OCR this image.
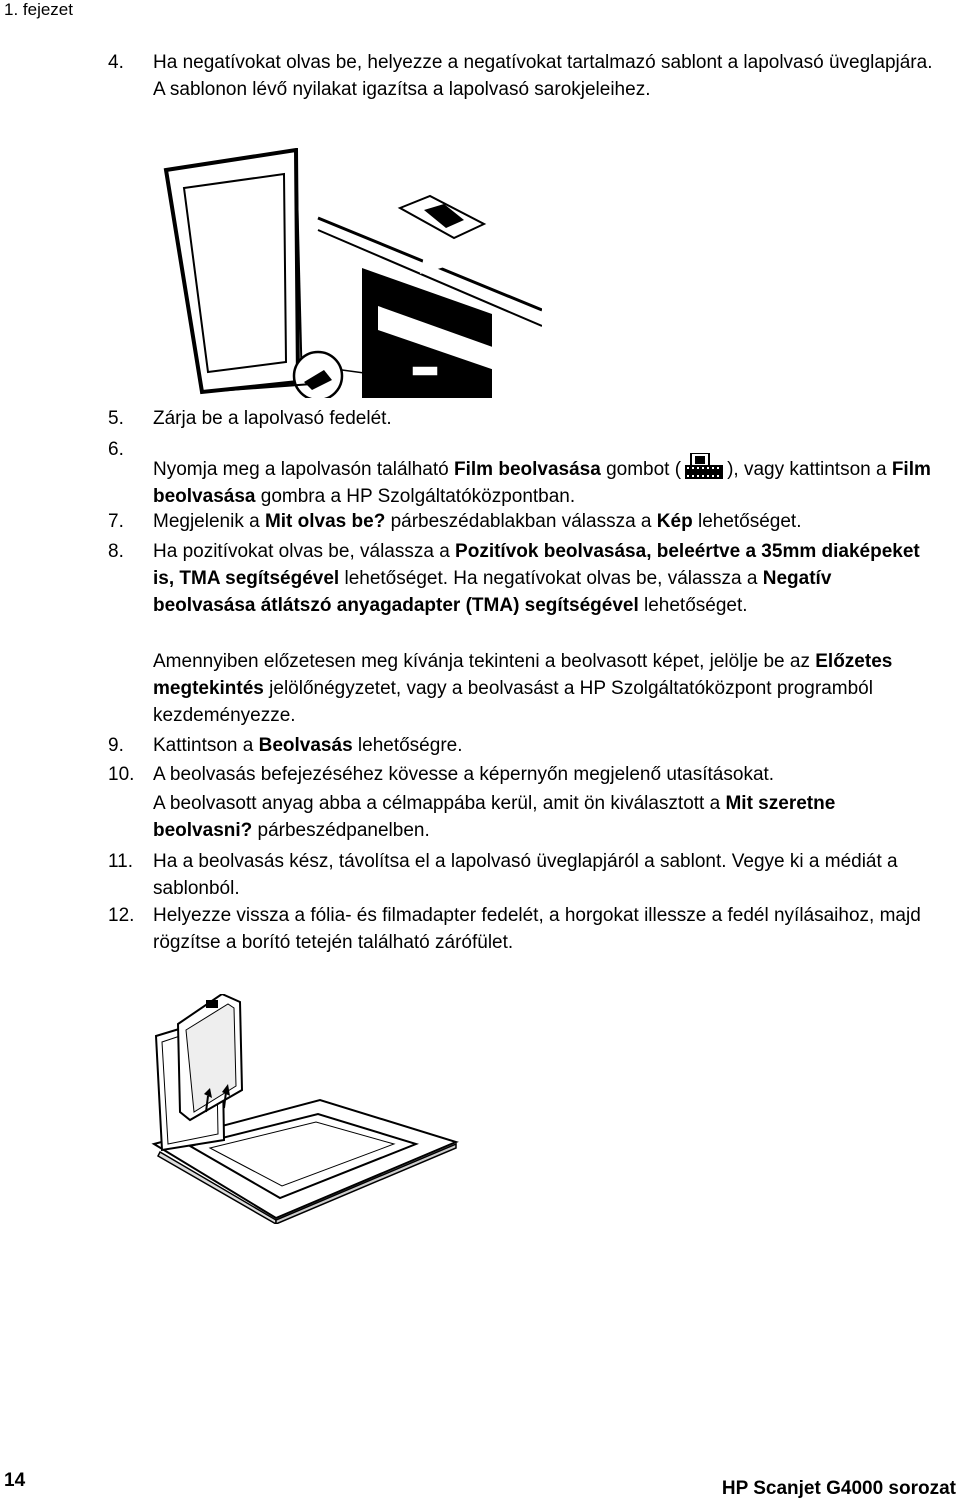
1. fejezet
4. Ha negatívokat olvas be, helyezze a negatívokat tartalmazó sablont a lapolvasó üveglapjára. A sablonon lévő nyilakat igazítsa a lapolvasó sarokjeleihez.
5. Zárja be a lapolvasó fedelét.
6.
Nyomja meg a lapolvasón található Film beolvasása gombot ( ), vagy kattintson a Film beolvasása gombra a HP Szolgáltatóközpontban.
7. Megjelenik a Mit olvas be? párbeszédablakban válassza a Kép lehetőséget.
8. Ha pozitívokat olvas be, válassza a Pozitívok beolvasása, beleértve a 35mm diaképeket is, TMA segítségével lehetőséget. Ha negatívokat olvas be, válassza a Negatív beolvasása átlátszó anyagadapter (TMA) segítségével lehetőséget.
Amennyiben előzetesen meg kívánja tekinteni a beolvasott képet, jelölje be az Előzetes megtekintés jelölőnégyzetet, vagy a beolvasást a HP Szolgáltatóközpont programból kezdeményezze.
9. Kattintson a Beolvasás lehetőségre.
10. A beolvasás befejezéséhez kövesse a képernyőn megjelenő utasításokat.
A beolvasott anyag abba a célmappába kerül, amit ön kiválasztott a Mit szeretne beolvasni? párbeszédpanelben.
11. Ha a beolvasás kész, távolítsa el a lapolvasó üveglapjáról a sablont. Vegye ki a médiát a sablonból.
12. Helyezze vissza a fólia- és filmadapter fedelét, a horgokat illessze a fedél nyílásaihoz, majd rögzítse a borító tetején található zárófület.
14	HP Scanjet G4000 sorozat
